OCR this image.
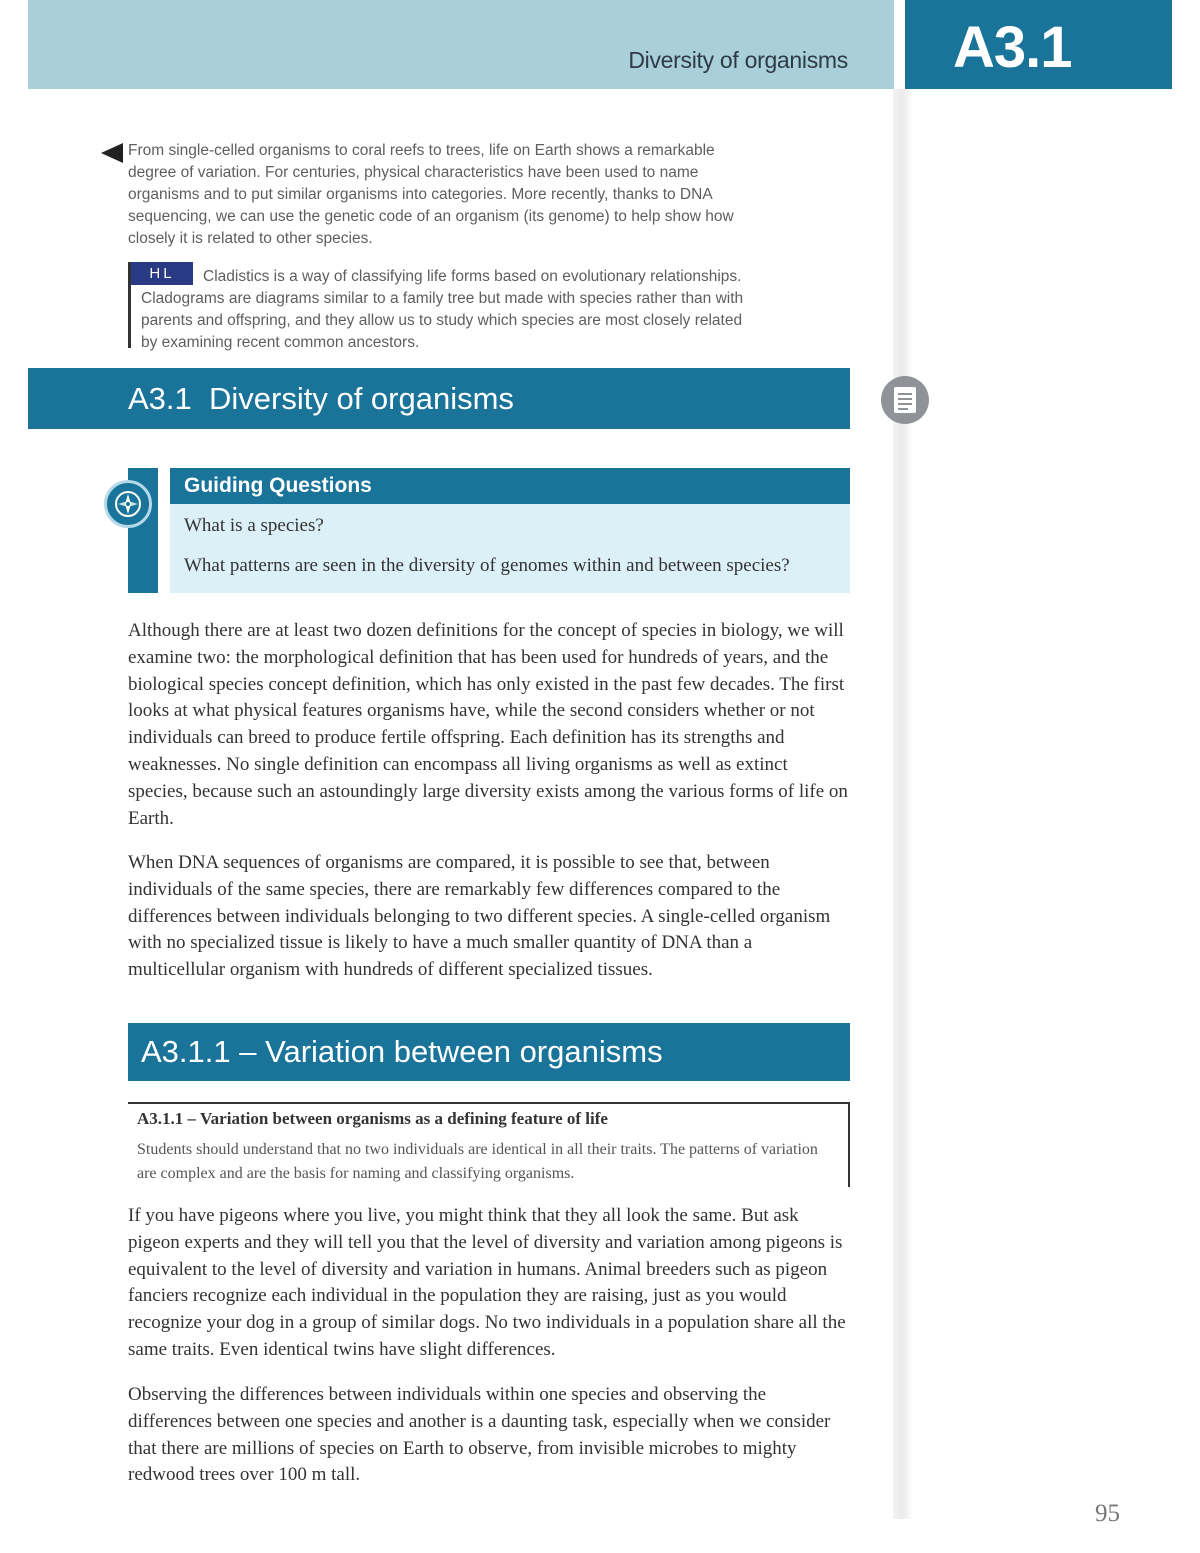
Diversity of organisms A3.1

From single-celled organisms to coral reefs to trees, life on Earth shows a remarkable degree of variation. For centuries, physical characteristics have been used to name organisms and to put similar organisms into categories. More recently, thanks to DNA sequencing, we can use the genetic code of an organism (its genome) to help show how closely it is related to other species.

HL	Cladistics is a way of classifying life forms based on evolutionary relationships. Cladograms are diagrams similar to a family tree but made with species rather than with parents and offspring, and they allow us to study which species are most closely related by examining recent common ancestors.

A3.1  Diversity of organisms
Guiding Questions
What is a species?
What patterns are seen in the diversity of genomes within and between species?

Although there are at least two dozen definitions for the concept of species in biology, we will examine two: the morphological definition that has been used for hundreds of years, and the biological species concept definition, which has only existed in the past few decades. The first looks at what physical features organisms have, while the second considers whether or not individuals can breed to produce fertile offspring. Each definition has its strengths and weaknesses. No single definition can encompass all living organisms as well as extinct species, because such an astoundingly large diversity exists among the various forms of life on Earth.

When DNA sequences of organisms are compared, it is possible to see that, between individuals of the same species, there are remarkably few differences compared to the differences between individuals belonging to two different species. A single-celled organism with no specialized tissue is likely to have a much smaller quantity of DNA than a multicellular organism with hundreds of different specialized tissues.

A3.1.1 – Variation between organisms
A3.1.1 – Variation between organisms as a defining feature of life

Students should understand that no two individuals are identical in all their traits. The patterns of variation are complex and are the basis for naming and classifying organisms.

If you have pigeons where you live, you might think that they all look the same. But ask pigeon experts and they will tell you that the level of diversity and variation among pigeons is equivalent to the level of diversity and variation in humans. Animal breeders such as pigeon fanciers recognize each individual in the population they are raising, just as you would recognize your dog in a group of similar dogs. No two individuals in a population share all the same traits. Even identical twins have slight differences.

Observing the differences between individuals within one species and observing the differences between one species and another is a daunting task, especially when we consider that there are millions of species on Earth to observe, from invisible microbes to mighty redwood trees over 100 m tall.

95
